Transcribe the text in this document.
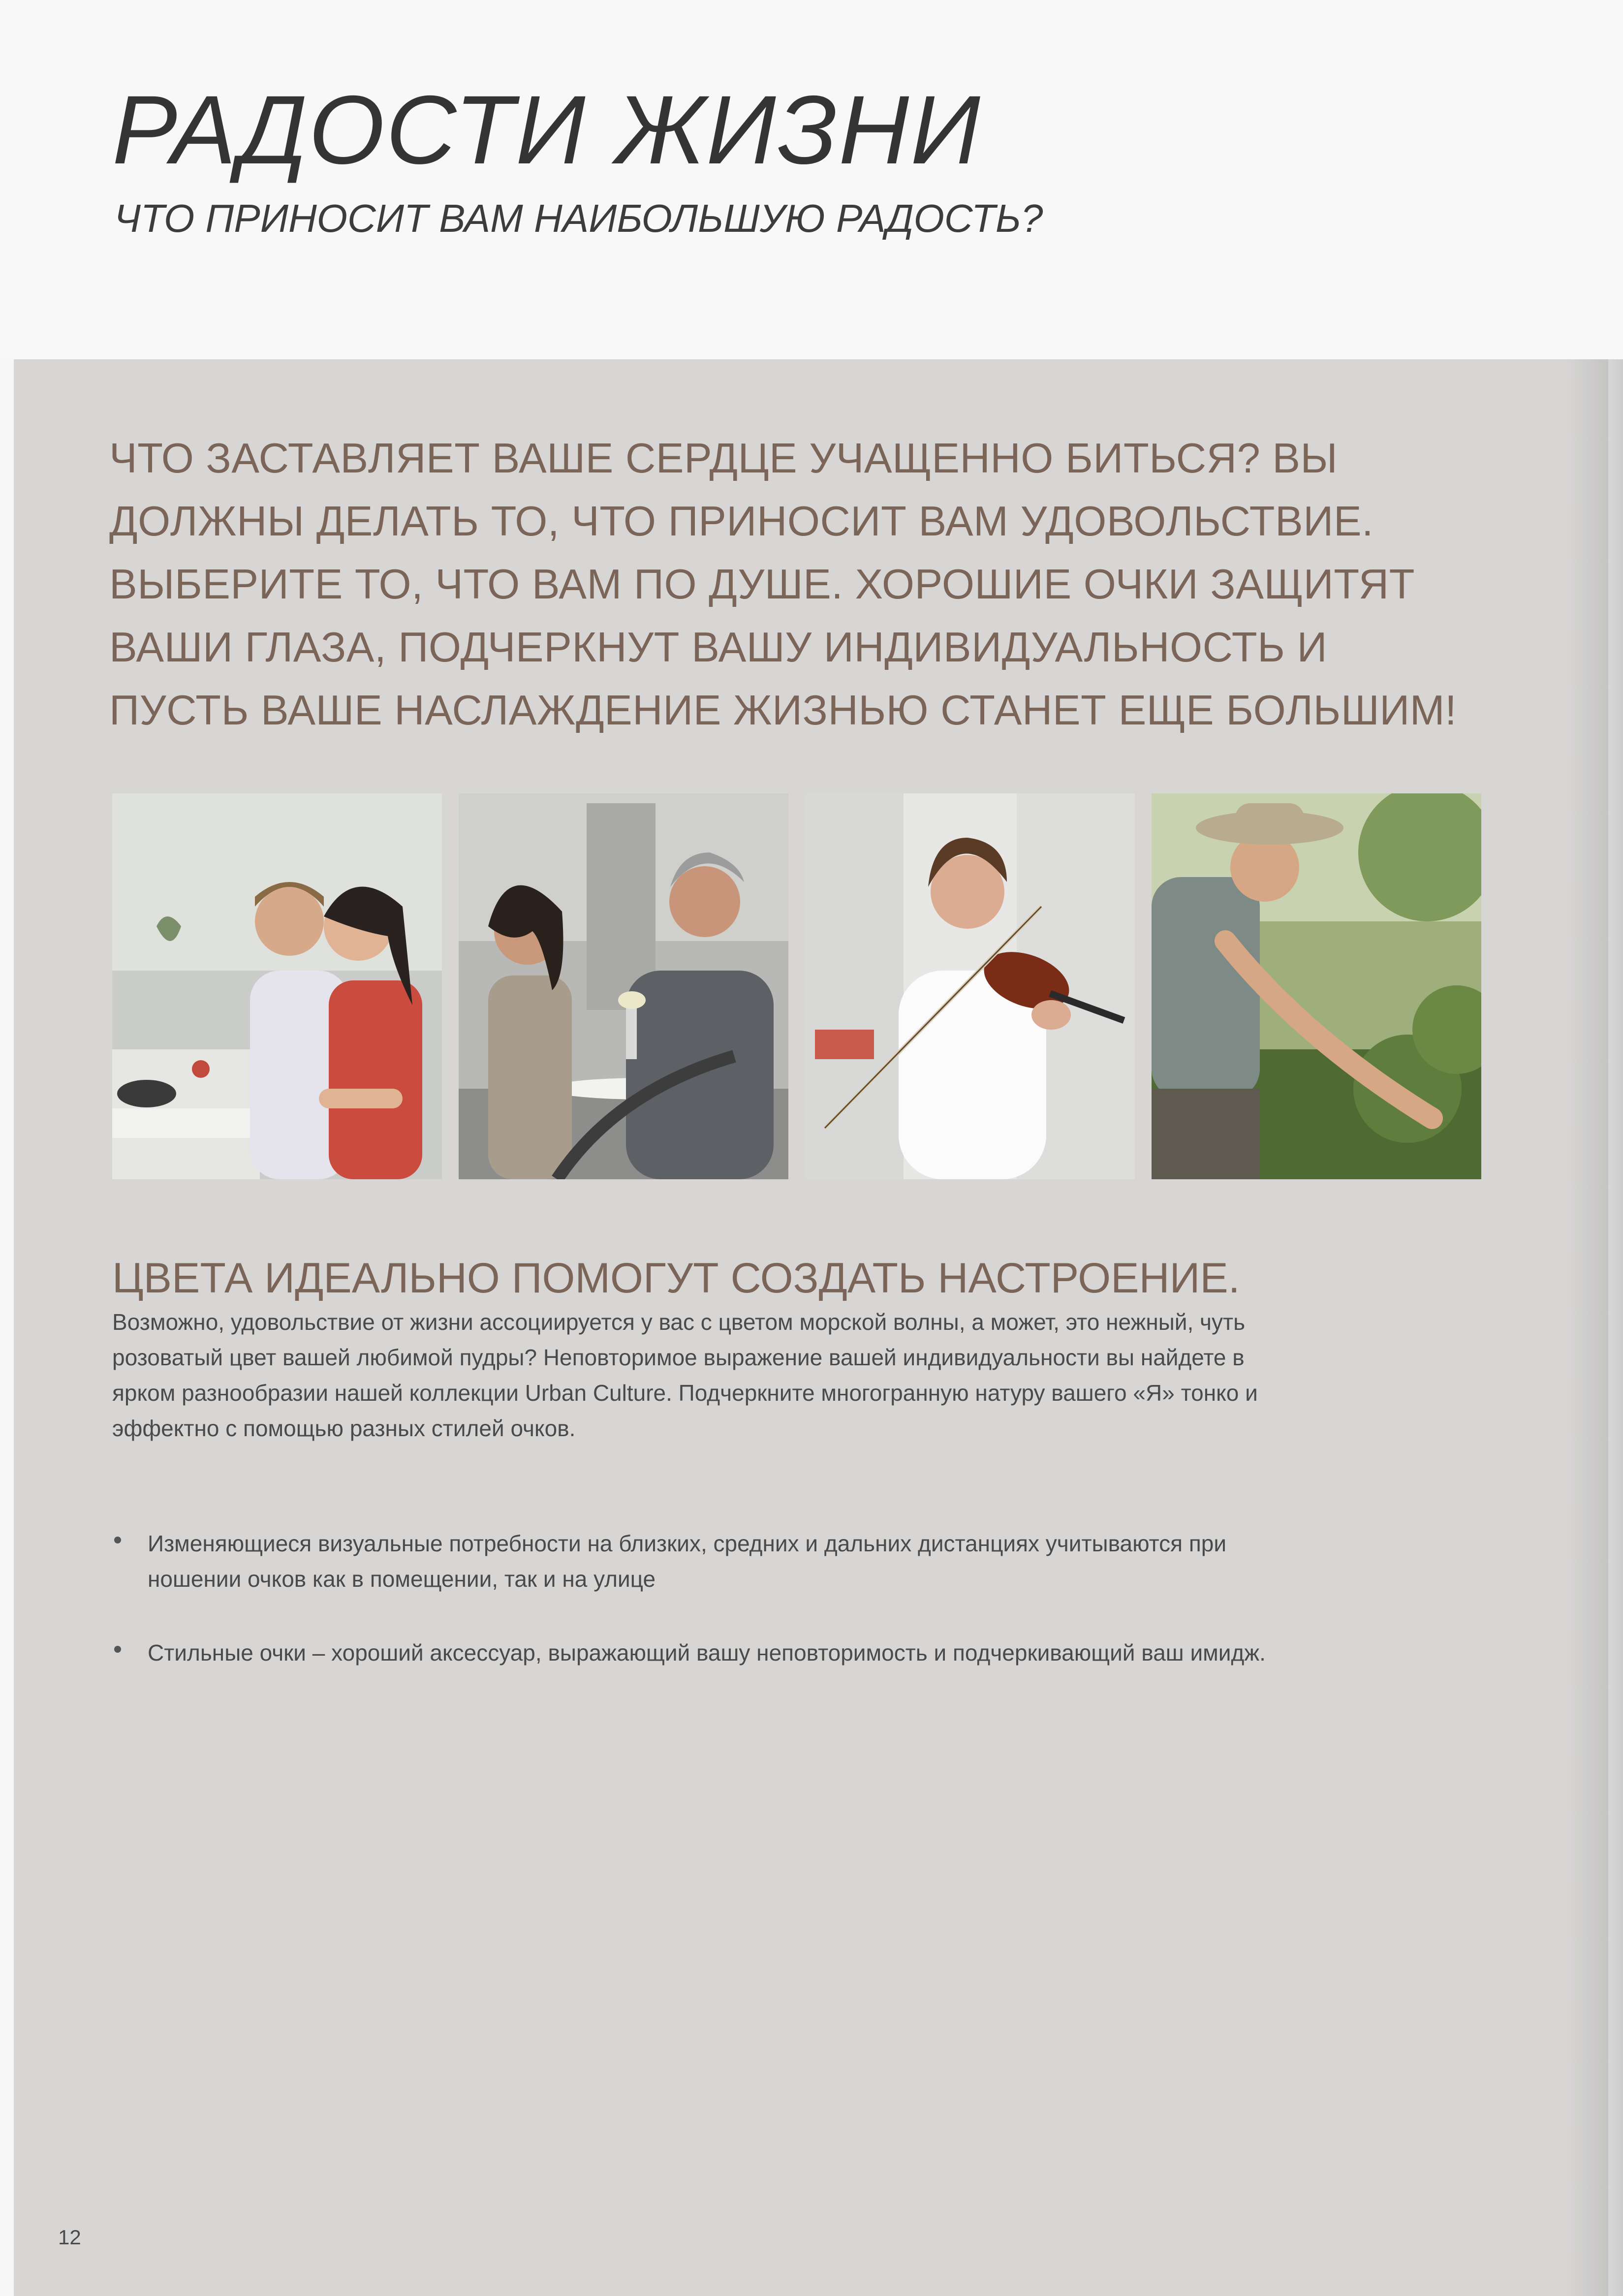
РАДОСТИ ЖИЗНИ
ЧТО ПРИНОСИТ ВАМ НАИБОЛЬШУЮ РАДОСТЬ?
ЧТО ЗАСТАВЛЯЕТ ВАШЕ СЕРДЦЕ УЧАЩЕННО БИТЬСЯ? ВЫ
ДОЛЖНЫ ДЕЛАТЬ ТО, ЧТО ПРИНОСИТ ВАМ УДОВОЛЬСТВИЕ.
ВЫБЕРИТЕ ТО, ЧТО ВАМ ПО ДУШЕ. ХОРОШИЕ ОЧКИ ЗАЩИТЯТ
ВАШИ ГЛАЗА, ПОДЧЕРКНУТ ВАШУ ИНДИВИДУАЛЬНОСТЬ И
ПУСТЬ ВАШЕ НАСЛАЖДЕНИЕ ЖИЗНЬЮ СТАНЕТ ЕЩЕ БОЛЬШИМ!
ЦВЕТА ИДЕАЛЬНО ПОМОГУТ СОЗДАТЬ НАСТРОЕНИЕ.
Возможно, удовольствие от жизни ассоциируется у вас с цветом морской волны, а может, это нежный, чуть
розоватый цвет вашей любимой пудры? Неповторимое выражение вашей индивидуальности вы найдете в
ярком разнообразии нашей коллекции Urban Culture. Подчеркните многогранную натуру вашего «Я» тонко и
эффектно с помощью разных стилей очков.
Изменяющиеся визуальные потребности на близких, средних и дальних дистанциях учитываются при
ношении очков как в помещении, так и на улице
Стильные очки – хороший аксессуар, выражающий вашу неповторимость и подчеркивающий ваш имидж.
12
